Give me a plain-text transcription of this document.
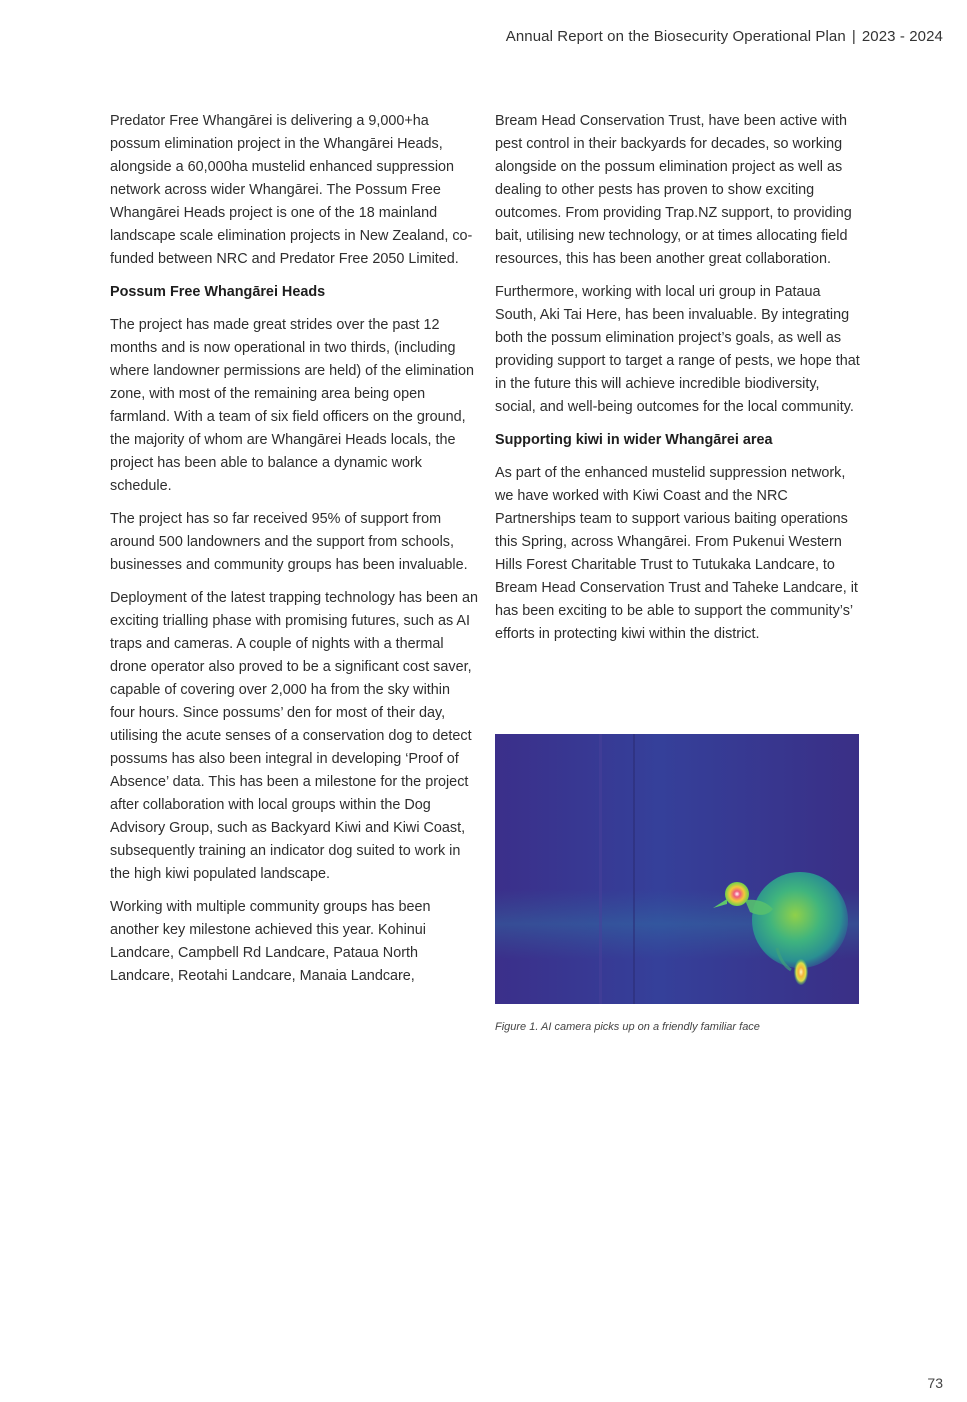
Annual Report on the Biosecurity Operational Plan | 2023 - 2024

Predator Free Whangārei is delivering a 9,000+ha possum elimination project in the Whangārei Heads, alongside a 60,000ha mustelid enhanced suppression network across wider Whangārei. The Possum Free Whangārei Heads project is one of the 18 mainland landscape scale elimination projects in New Zealand, co-funded between NRC and Predator Free 2050 Limited.

Possum Free Whangārei Heads

The project has made great strides over the past 12 months and is now operational in two thirds, (including where landowner permissions are held) of the elimination zone, with most of the remaining area being open farmland. With a team of six field officers on the ground, the majority of whom are Whangārei Heads locals, the project has been able to balance a dynamic work schedule.

The project has so far received 95% of support from around 500 landowners and the support from schools, businesses and community groups has been invaluable.

Deployment of the latest trapping technology has been an exciting trialling phase with promising futures, such as AI traps and cameras. A couple of nights with a thermal drone operator also proved to be a significant cost saver, capable of covering over 2,000 ha from the sky within four hours. Since possums’ den for most of their day, utilising the acute senses of a conservation dog to detect possums has also been integral in developing ‘Proof of Absence’ data. This has been a milestone for the project after collaboration with local groups within the Dog Advisory Group, such as Backyard Kiwi and Kiwi Coast, subsequently training an indicator dog suited to work in the high kiwi populated landscape.

Working with multiple community groups has been another key milestone achieved this year. Kohinui Landcare, Campbell Rd Landcare, Pataua North Landcare, Reotahi Landcare, Manaia Landcare,

Bream Head Conservation Trust, have been active with pest control in their backyards for decades, so working alongside on the possum elimination project as well as dealing to other pests has proven to show exciting outcomes. From providing Trap.NZ support, to providing bait, utilising new technology, or at times allocating field resources, this has been another great collaboration.

Furthermore, working with local uri group in Pataua South, Aki Tai Here, has been invaluable. By integrating both the possum elimination project’s goals, as well as providing support to target a range of pests, we hope that in the future this will achieve incredible biodiversity, social, and well-being outcomes for the local community.

Supporting kiwi in wider Whangārei area

As part of the enhanced mustelid suppression network, we have worked with Kiwi Coast and the NRC Partnerships team to support various baiting operations this Spring, across Whangārei. From Pukenui Western Hills Forest Charitable Trust to Tutukaka Landcare, to Bream Head Conservation Trust and Taheke Landcare, it has been exciting to be able to support the community’s’ efforts in protecting kiwi within the district.

Figure 1. AI camera picks up on a friendly familiar face
73
